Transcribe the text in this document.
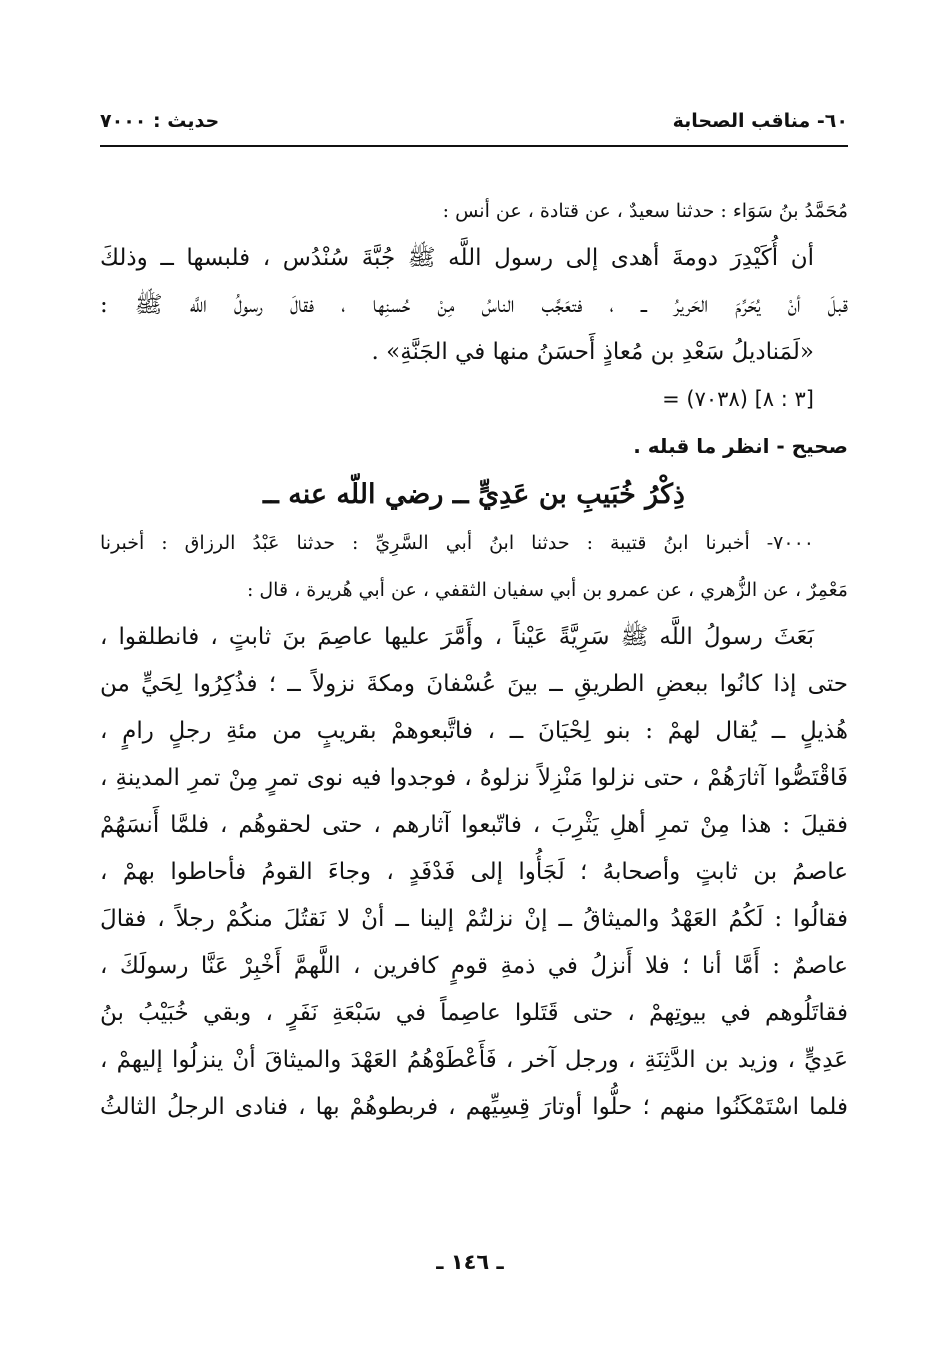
٦٠- مناقب الصحابة
حديث : ٧٠٠٠
مُحَمَّدُ بنُ سَوَاء : حدثنا سعيدٌ ، عن قتادة ، عن أنس :
أن أُكَيْدِرَ دومةَ أهدى إلى رسول اللَّه ﷺ جُبَّةَ سُنْدُس ، فلبسها ــ وذلكَ
قبلَ أنْ يُحَرِّمَ الحَريرُ ــ ، فتعَجَّب الناسُ مِنْ حُسنِها ، فقالَ رسولُ اللَّه ﷺ :
«لَمَناديلُ سَعْدِ بن مُعاذٍ أَحسَنُ منها في الجَنَّةِ» .
= (٧٠٣٨) [٣ : ٨]
صحيح - انظر ما قبله .
ذِكْرُ خُبَيبِ بن عَدِيٍّ ــ رضي اللّه عنه ــ
٧٠٠٠- أخبرنا ابنُ قتيبة : حدثنا ابنُ أبي السَّرِيِّ : حدثنا عَبْدُ الرزاق : أخبرنا
مَعْمِرٌ ، عن الزُّهري ، عن عمرو بن أبي سفيان الثقفي ، عن أبي هُريرة ، قال :
بَعَثَ رسولُ اللَّه ﷺ سَرِيَّةً عَيْناً ، وأَمَّرَ عليها عاصِمَ بنَ ثابتٍ ، فانطلقوا ،
حتى إذا كانُوا ببعضِ الطريقِ ــ بينَ عُسْفانَ ومكةَ نزولاً ــ ؛ فذُكِرُوا لِحَيٍّ من
هُذيلٍ ــ يُقال لهمْ : بنو لِحْيَانَ ــ ، فاتَّبعوهمْ بقريبٍ من مئةِ رجلٍ رامٍ ،
فَاقْتَصُّوا آثارَهُمْ ، حتى نزلوا مَنْزِلاً نزلوهُ ، فوجدوا فيه نوى تمرٍ مِنْ تمرِ المدينةِ ،
فقيلَ : هذا مِنْ تمرِ أهلِ يَثْرِبَ ، فاتّبعوا آثارهم ، حتى لحقوهُم ، فلمَّا أَنسَهُمْ
عاصمُ بن ثابتٍ وأصحابهُ ؛ لَجَأُوا إلى فَدْفَدٍ ، وجاءَ القومُ فأحاطوا بهمْ ،
فقالُوا : لَكُمُ العَهْدُ والميثاقُ ــ إنْ نزلتُمْ إلينا ــ أنْ لا نَقتُلَ منكُمْ رجلاً ، فقالَ
عاصمٌ : أَمَّا أنا ؛ فلا أَنزلُ في ذمةِ قومٍ كافرين ، اللَّهمَّ أَخْبِرْ عَنَّا رسولَكَ ،
فقاتَلُوهم في بيوتِهمْ ، حتى قَتَلوا عاصِماً في سَبْعَةِ نَفَرٍ ، وبقي خُبَيْبُ بنُ
عَدِيٍّ ، وزيد بن الدَّثِنَةِ ، ورجل آخر ، فَأَعْطَوْهُمُ العَهْدَ والميثاقَ أنْ ينزلُوا إليهمْ ،
فلما اسْتَمْكَنُوا منهم ؛ حلُّوا أوتارَ قِسِيِّهم ، فربطوهُمْ بها ، فنادى الرجلُ الثالثُ
ـ ١٤٦ ـ
